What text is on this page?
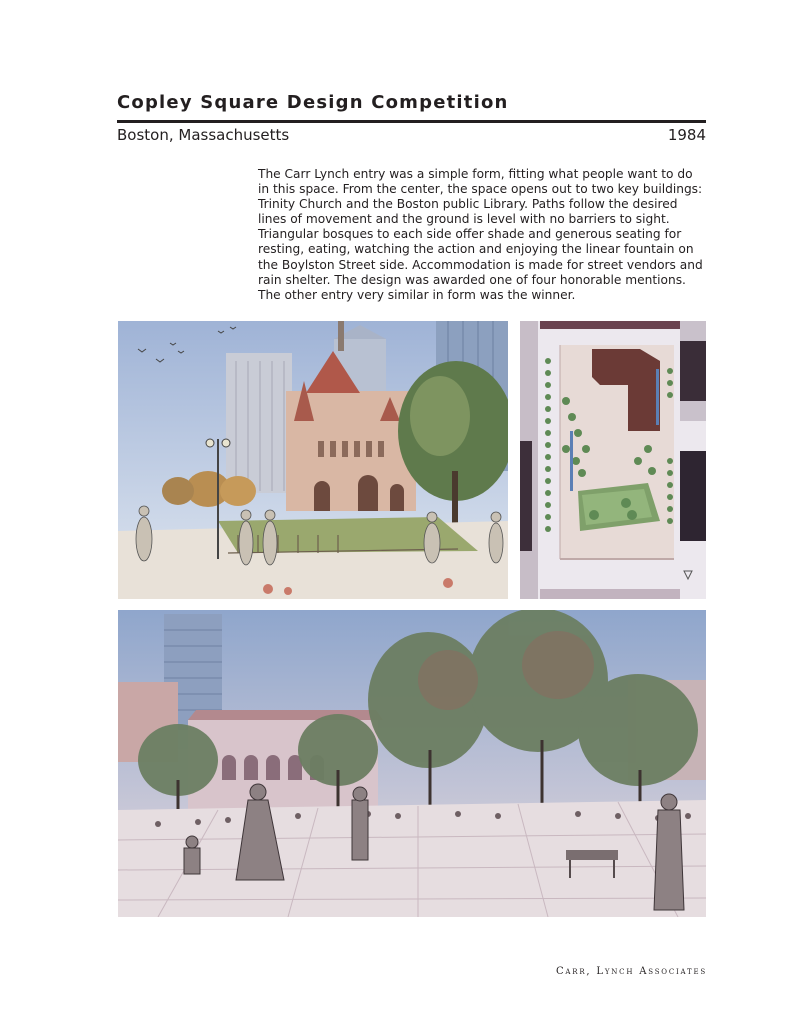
Copley Square Design Competition
Boston, Massachusetts	1984
The Carr Lynch entry was a simple form, fitting what people want to do
in this space. From the center, the space opens out to two key buildings:
Trinity Church and the Boston public Library. Paths follow the desired
lines of movement and the ground is level with no barriers to sight.
Triangular bosques to each side offer shade and generous seating for
resting, eating, watching the action and enjoying the linear fountain on
the Boylston Street side. Accommodation is made for street vendors and
rain shelter. The design was awarded one of four honorable mentions.
The other entry very similar in form was the winner.
Carr, Lynch Associates
